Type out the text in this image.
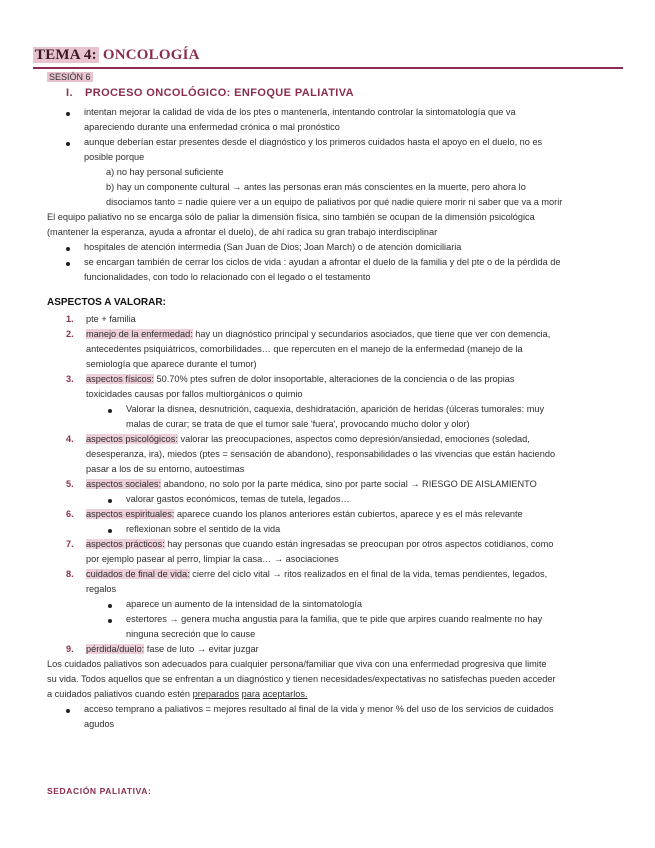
TEMA 4: ONCOLOGÍA
SESIÓN 6
I. PROCESO ONCOLÓGICO: ENFOQUE PALIATIVA
intentan mejorar la calidad de vida de los ptes o mantenerla, intentando controlar la sintomatología que va
apareciendo durante una enfermedad crónica o mal pronóstico
aunque deberían estar presentes desde el diagnóstico y los primeros cuidados hasta el apoyo en el duelo, no es
posible porque
a) no hay personal suficiente
b) hay un componente cultural → antes las personas eran más conscientes en la muerte, pero ahora lo
disociamos tanto = nadie quiere ver a un equipo de paliativos por qué nadie quiere morir ni saber que va a morir
El equipo paliativo no se encarga sólo de paliar la dimensión física, sino también se ocupan de la dimensión psicológica
(mantener la esperanza, ayuda a afrontar el duelo), de ahí radica su gran trabajo interdisciplinar
hospitales de atención intermedia (San Juan de Dios; Joan March) o de atención domiciliaria
se encargan también de cerrar los ciclos de vida : ayudan a afrontar el duelo de la familia y del pte o de la pérdida de
funcionalidades, con todo lo relacionado con el legado o el testamento
ASPECTOS A VALORAR:
1. pte + familia
2. manejo de la enfermedad: hay un diagnóstico principal y secundarios asociados, que tiene que ver con demencia,
antecedentes psiquiátricos, comorbilidades… que repercuten en el manejo de la enfermedad (manejo de la
semiología que aparece durante el tumor)
3. aspectos físicos: 50.70% ptes sufren de dolor insoportable, alteraciones de la conciencia o de las propias
toxicidades causas por fallos multiorgánicos o quimio
Valorar la disnea, desnutrición, caquexia, deshidratación, aparición de heridas (úlceras tumorales: muy
malas de curar; se trata de que el tumor sale 'fuera', provocando mucho dolor y olor)
4. aspectos psicológicos: valorar las preocupaciones, aspectos como depresión/ansiedad, emociones (soledad,
desesperanza, ira), miedos (ptes = sensación de abandono), responsabilidades o las vivencias que están haciendo
pasar a los de su entorno, autoestimas
5. aspectos sociales: abandono, no solo por la parte médica, sino por parte social → RIESGO DE AISLAMIENTO
valorar gastos económicos, temas de tutela, legados…
6. aspectos espirituales: aparece cuando los planos anteriores están cubiertos, aparece y es el más relevante
reflexionan sobre el sentido de la vida
7. aspectos prácticos: hay personas que cuando están ingresadas se preocupan por otros aspectos cotidianos, como
por ejemplo pasear al perro, limpiar la casa… → asociaciones
8. cuidados de final de vida: cierre del ciclo vital → ritos realizados en el final de la vida, temas pendientes, legados,
regalos
aparece un aumento de la intensidad de la sintomatología
estertores → genera mucha angustia para la familia, que te pide que arpires cuando realmente no hay
ninguna secreción que lo cause
9. pérdida/duelo: fase de luto → evitar juzgar
Los cuidados paliativos son adecuados para cualquier persona/familiar que viva con una enfermedad progresiva que limite
su vida. Todos aquellos que se enfrentan a un diagnóstico y tienen necesidades/expectativas no satisfechas pueden acceder
a cuidados paliativos cuando estén preparados para aceptarlos.
acceso temprano a paliativos = mejores resultado al final de la vida y menor % del uso de los servicios de cuidados
agudos
SEDACIÓN PALIATIVA:
